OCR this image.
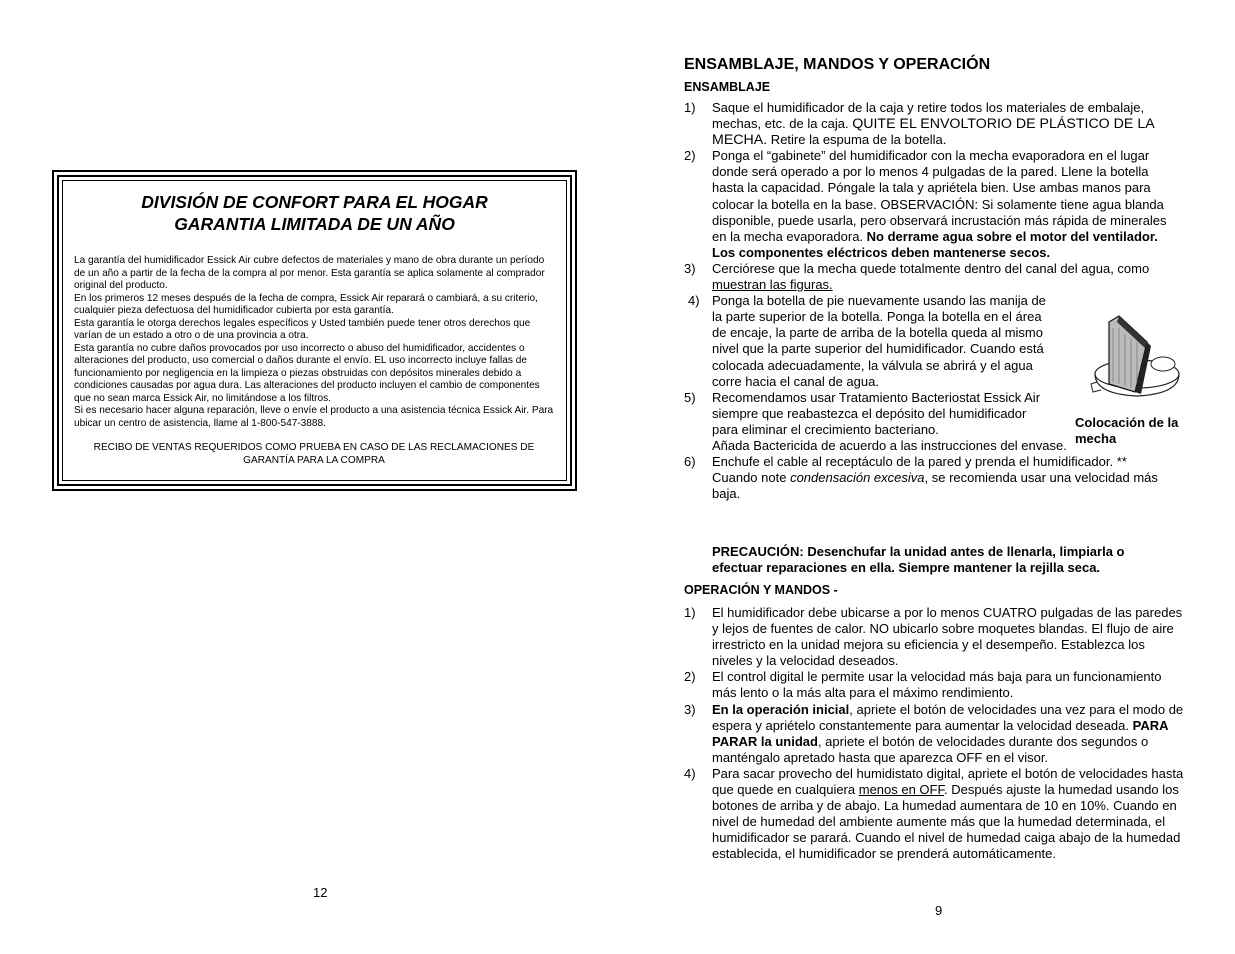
DIVISIÓN DE CONFORT PARA EL HOGAR
GARANTIA LIMITADA DE UN AÑO

La garantía del humidificador Essick Air cubre defectos de materiales y mano de obra durante un período de un año a partir de la fecha de la compra al por menor. Esta garantía se aplica solamente al comprador original del producto.

En los primeros 12 meses después de la fecha de compra, Essick Air reparará o cambiará, a su criterio, cualquier pieza defectuosa del humidificador cubierta por esta garantía.

Esta garantía le otorga derechos legales específicos y Usted también puede tener otros derechos que varían de un estado a otro o de una provincia a otra.

Esta garantía no cubre daños provocados por uso incorrecto o abuso del humidificador, accidentes o alteraciones del producto, uso comercial o daños durante el envío. EL uso incorrecto incluye fallas de funcionamiento por negligencia en la limpieza o piezas obstruidas con depósitos minerales debido a condiciones causadas por agua dura. Las alteraciones del producto incluyen el cambio de componentes que no sean marca Essick Air, no limitándose a los filtros.

Si es necesario hacer alguna reparación, lleve o envíe el producto a una asistencia técnica Essick Air. Para ubicar un centro de asistencia, llame al 1-800-547-3888.

RECIBO DE VENTAS REQUERIDOS COMO PRUEBA EN CASO DE LAS RECLAMACIONES DE GARANTÍA PARA LA COMPRA

12
ENSAMBLAJE, MANDOS Y OPERACIÓN
ENSAMBLAJE
1) Saque el humidificador de la caja y retire todos los materiales de embalaje, mechas, etc. de la caja. QUITE EL ENVOLTORIO DE PLÁSTICO DE LA MECHA. Retire la espuma de la botella.
2) Ponga el “gabinete” del humidificador con la mecha evaporadora en el lugar donde será operado a por lo menos 4 pulgadas de la pared. Llene la botella hasta la capacidad. Póngale la tala y apriétela bien. Use ambas manos para colocar la botella en la base. OBSERVACIÓN: Si solamente tiene agua blanda disponible, puede usarla, pero observará incrustación más rápida de minerales en la mecha evaporadora. No derrame agua sobre el motor del ventilador. Los componentes eléctricos deben mantenerse secos.
3) Cerciórese que la mecha quede totalmente dentro del canal del agua, como muestran las figuras.
4) Ponga la botella de pie nuevamente usando las manija de la parte superior de la botella. Ponga la botella en el área de encaje, la parte de arriba de la botella queda al mismo nivel que la parte superior del humidificador. Cuando está colocada adecuadamente, la válvula se abrirá y el agua corre hacia el canal de agua.
5) Recomendamos usar Tratamiento Bacteriostat Essick Air siempre que reabastezca el depósito del humidificador para eliminar el crecimiento bacteriano.
Añada Bactericida de acuerdo a las instrucciones del envase.
6) Enchufe el cable al receptáculo de la pared y prenda el humidificador. ** Cuando note condensación excesiva, se recomienda usar una velocidad más baja.
PRECAUCIÓN: Desenchufar la unidad antes de llenarla, limpiarla o efectuar reparaciones en ella. Siempre mantener la rejilla seca.
Colocación de la mecha
OPERACIÓN Y MANDOS -
1) El humidificador debe ubicarse a por lo menos CUATRO pulgadas de las paredes y lejos de fuentes de calor. NO ubicarlo sobre moquetes blandas. El flujo de aire irrestricto en la unidad mejora su eficiencia y el desempeño. Establezca los niveles y la velocidad deseados.
2) El control digital le permite usar la velocidad más baja para un funcionamiento más lento o la más alta para el máximo rendimiento.
3) En la operación inicial, apriete el botón de velocidades una vez para el modo de espera y apriételo constantemente para aumentar la velocidad deseada. PARA PARAR la unidad, apriete el botón de velocidades durante dos segundos o manténgalo apretado hasta que aparezca OFF en el visor.
4) Para sacar provecho del humidistato digital, apriete el botón de velocidades hasta que quede en cualquiera menos en OFF. Después ajuste la humedad usando los botones de arriba y de abajo. La humedad aumentara de 10 en 10%. Cuando en nivel de humedad del ambiente aumente más que la humedad determinada, el humidificador se parará. Cuando el nivel de humedad caiga abajo de la humedad establecida, el humidificador se prenderá automáticamente.
9
